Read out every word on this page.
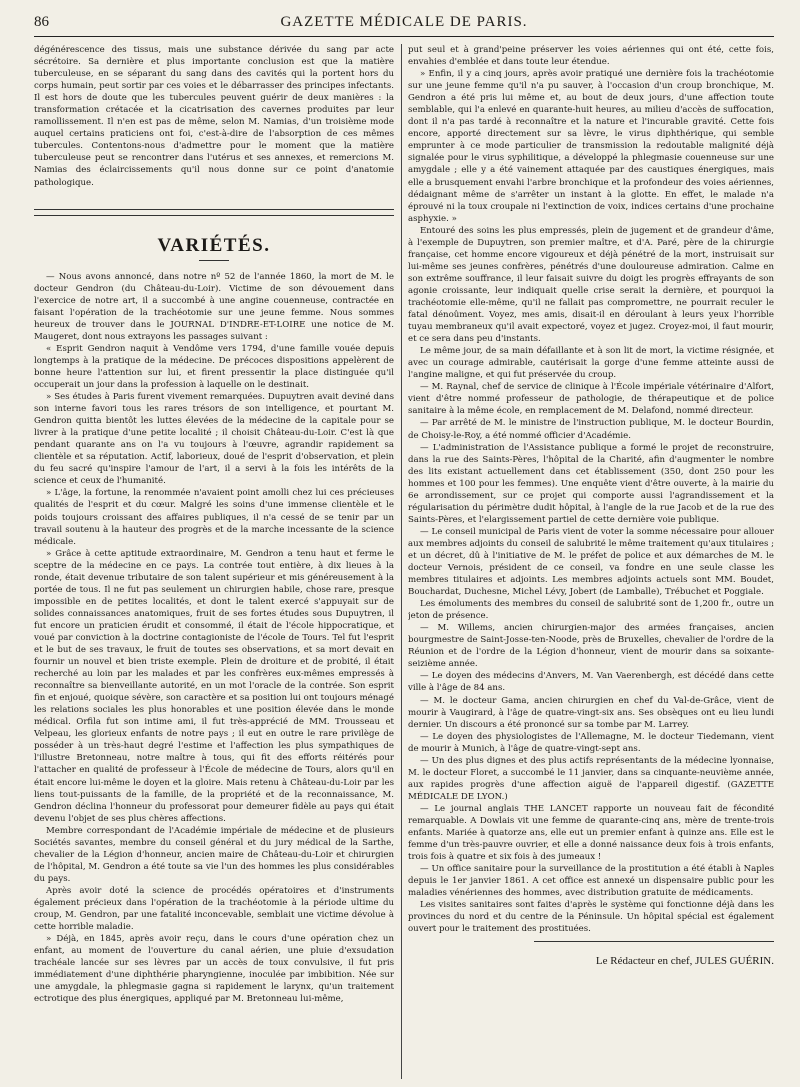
86	GAZETTE MÉDICALE DE PARIS.

dégénérescence des tissus, mais une substance dérivée du sang par acte sécrétoire. Sa dernière et plus importante conclusion est que la matière tuberculeuse, en se séparant du sang dans des cavités qui la portent hors du corps humain, peut sortir par ces voies et le débarrasser des principes infectants. Il est hors de doute que les tubercules peuvent guérir de deux manières : la transformation crétacée et la cicatrisation des cavernes produites par leur ramollissement. Il n'en est pas de même, selon M. Namias, d'un troisième mode auquel certains praticiens ont foi, c'est-à-dire de l'absorption de ces mêmes tubercules. Contentons-nous d'admettre pour le moment que la matière tuberculeuse peut se rencontrer dans l'utérus et ses annexes, et remercions M. Namias des éclaircissements qu'il nous donne sur ce point d'anatomie pathologique.

VARIÉTÉS.

— Nous avons annoncé, dans notre nº 52 de l'année 1860, la mort de M. le docteur Gendron (du Château-du-Loir). Victime de son dévouement dans l'exercice de notre art, il a succombé à une angine couenneuse, contractée en faisant l'opération de la trachéotomie sur une jeune femme. Nous sommes heureux de trouver dans le JOURNAL D'INDRE-ET-LOIRE une notice de M. Maugeret, dont nous extrayons les passages suivant :

« Esprit Gendron naquit à Vendôme vers 1794, d'une famille vouée depuis longtemps à la pratique de la médecine. De précoces dispositions appelèrent de bonne heure l'attention sur lui, et firent pressentir la place distinguée qu'il occuperait un jour dans la profession à laquelle on le destinait.

» Ses études à Paris furent vivement remarquées. Dupuytren avait deviné dans son interne favori tous les rares trésors de son intelligence, et pourtant M. Gendron quitta bientôt les luttes élevées de la médecine de la capitale pour se livrer à la pratique d'une petite localité ; il choisit Château-du-Loir. C'est là que pendant quarante ans on l'a vu toujours à l'œuvre, agrandir rapidement sa clientèle et sa réputation. Actif, laborieux, doué de l'esprit d'observation, et plein du feu sacré qu'inspire l'amour de l'art, il a servi à la fois les intérêts de la science et ceux de l'humanité.

» L'âge, la fortune, la renommée n'avaient point amolli chez lui ces précieuses qualités de l'esprit et du cœur. Malgré les soins d'une immense clientèle et le poids toujours croissant des affaires publiques, il n'a cessé de se tenir par un travail soutenu à la hauteur des progrès et de la marche incessante de la science médicale.

» Grâce à cette aptitude extraordinaire, M. Gendron a tenu haut et ferme le sceptre de la médecine en ce pays. La contrée tout entière, à dix lieues à la ronde, était devenue tributaire de son talent supérieur et mis généreusement à la portée de tous. Il ne fut pas seulement un chirurgien habile, chose rare, presque impossible en de petites localités, et dont le talent exercé s'appuyait sur de solides connaissances anatomiques, fruit de ses fortes études sous Dupuytren, il fut encore un praticien érudit et consommé, il était de l'école hippocratique, et voué par conviction à la doctrine contagioniste de l'école de Tours. Tel fut l'esprit et le but de ses travaux, le fruit de toutes ses observations, et sa mort devait en fournir un nouvel et bien triste exemple. Plein de droiture et de probité, il était recherché au loin par les malades et par les confrères eux-mêmes empressés à reconnaître sa bienveillante autorité, en un mot l'oracle de la contrée. Son esprit fin et enjoué, quoique sévère, son caractère et sa position lui ont toujours ménagé les relations sociales les plus honorables et une position élevée dans le monde médical. Orfila fut son intime ami, il fut très-apprécié de MM. Trousseau et Velpeau, les glorieux enfants de notre pays ; il eut en outre le rare privilège de posséder à un très-haut degré l'estime et l'affection les plus sympathiques de l'illustre Bretonneau, notre maître à tous, qui fit des efforts réitérés pour l'attacher en qualité de professeur à l'École de médecine de Tours, alors qu'il en était encore lui-même le doyen et la gloire. Mais retenu à Château-du-Loir par les liens tout-puissants de la famille, de la propriété et de la reconnaissance, M. Gendron déclina l'honneur du professorat pour demeurer fidèle au pays qui était devenu l'objet de ses plus chères affections.

Membre correspondant de l'Académie impériale de médecine et de plusieurs Sociétés savantes, membre du conseil général et du jury médical de la Sarthe, chevalier de la Légion d'honneur, ancien maire de Château-du-Loir et chirurgien de l'hôpital, M. Gendron a été toute sa vie l'un des hommes les plus considérables du pays.

Après avoir doté la science de procédés opératoires et d'instruments également précieux dans l'opération de la trachéotomie à la période ultime du croup, M. Gendron, par une fatalité inconcevable, semblait une victime dévolue à cette horrible maladie.

» Déjà, en 1845, après avoir reçu, dans le cours d'une opération chez un enfant, au moment de l'ouverture du canal aérien, une pluie d'exsudation trachéale lancée sur ses lèvres par un accès de toux convulsive, il fut pris immédiatement d'une diphthérie pharyngienne, inoculée par imbibition. Née sur une amygdale, la phlegmasie gagna si rapidement le larynx, qu'un traitement ectrotique des plus énergiques, appliqué par M. Bretonneau lui-même,

put seul et à grand'peine préserver les voies aériennes qui ont été, cette fois, envahies d'emblée et dans toute leur étendue.

» Enfin, il y a cinq jours, après avoir pratiqué une dernière fois la trachéotomie sur une jeune femme qu'il n'a pu sauver, à l'occasion d'un croup bronchique, M. Gendron a été pris lui même et, au bout de deux jours, d'une affection toute semblable, qui l'a enlevé en quarante-huit heures, au milieu d'accès de suffocation, dont il n'a pas tardé à reconnaître et la nature et l'incurable gravité. Cette fois encore, apporté directement sur sa lèvre, le virus diphthérique, qui semble emprunter à ce mode particulier de transmission la redoutable malignité déjà signalée pour le virus syphilitique, a développé la phlegmasie couenneuse sur une amygdale ; elle y a été vainement attaquée par des caustiques énergiques, mais elle a brusquement envahi l'arbre bronchique et la profondeur des voies aériennes, dédaignant même de s'arrêter un instant à la glotte. En effet, le malade n'a éprouvé ni la toux croupale ni l'extinction de voix, indices certains d'une prochaine asphyxie. »

Entouré des soins les plus empressés, plein de jugement et de grandeur d'âme, à l'exemple de Dupuytren, son premier maître, et d'A. Paré, père de la chirurgie française, cet homme encore vigoureux et déjà pénétré de la mort, instruisait sur lui-même ses jeunes confrères, pénétrés d'une douloureuse admiration. Calme en son extrême souffrance, il leur faisait suivre du doigt les progrès effrayants de son agonie croissante, leur indiquait quelle crise serait la dernière, et pourquoi la trachéotomie elle-même, qu'il ne fallait pas compromettre, ne pourrait reculer le fatal dénoûment. Voyez, mes amis, disait-il en déroulant à leurs yeux l'horrible tuyau membraneux qu'il avait expectoré, voyez et jugez. Croyez-moi, il faut mourir, et ce sera dans peu d'instants.

Le même jour, de sa main défaillante et à son lit de mort, la victime résignée, et avec un courage admirable, cautérisait la gorge d'une femme atteinte aussi de l'angine maligne, et qui fut préservée du croup.

— M. Raynal, chef de service de clinique à l'École impériale vétérinaire d'Alfort, vient d'être nommé professeur de pathologie, de thérapeutique et de police sanitaire à la même école, en remplacement de M. Delafond, nommé directeur.

— Par arrêté de M. le ministre de l'instruction publique, M. le docteur Bourdin, de Choisy-le-Roy, a été nommé officier d'Académie.

— L'administration de l'Assistance publique a formé le projet de reconstruire, dans la rue des Saints-Pères, l'hôpital de la Charité, afin d'augmenter le nombre des lits existant actuellement dans cet établissement (350, dont 250 pour les hommes et 100 pour les femmes). Une enquête vient d'être ouverte, à la mairie du 6e arrondissement, sur ce projet qui comporte aussi l'agrandissement et la régularisation du périmètre dudit hôpital, à l'angle de la rue Jacob et de la rue des Saints-Pères, et l'elargissement partiel de cette dernière voie publique.

— Le conseil municipal de Paris vient de voter la somme nécessaire pour allouer aux membres adjoints du conseil de salubrité le même traitement qu'aux titulaires ; et un décret, dû à l'initiative de M. le préfet de police et aux démarches de M. le docteur Vernois, président de ce conseil, va fondre en une seule classe les membres titulaires et adjoints. Les membres adjoints actuels sont MM. Boudet, Bouchardat, Duchesne, Michel Lévy, Jobert (de Lamballe), Trébuchet et Poggiale.

Les émoluments des membres du conseil de salubrité sont de 1,200 fr., outre un jeton de présence.

— M. Willems, ancien chirurgien-major des armées françaises, ancien bourgmestre de Saint-Josse-ten-Noode, près de Bruxelles, chevalier de l'ordre de la Réunion et de l'ordre de la Légion d'honneur, vient de mourir dans sa soixante-seizième année.

— Le doyen des médecins d'Anvers, M. Van Vaerenbergh, est décédé dans cette ville à l'âge de 84 ans.

— M. le docteur Gama, ancien chirurgien en chef du Val-de-Grâce, vient de mourir à Vaugirard, à l'âge de quatre-vingt-six ans. Ses obsèques ont eu lieu lundi dernier. Un discours a été prononcé sur sa tombe par M. Larrey.

— Le doyen des physiologistes de l'Allemagne, M. le docteur Tiedemann, vient de mourir à Munich, à l'âge de quatre-vingt-sept ans.

— Un des plus dignes et des plus actifs représentants de la médecine lyonnaise, M. le docteur Floret, a succombé le 11 janvier, dans sa cinquante-neuvième année, aux rapides progrès d'une affection aiguë de l'appareil digestif. (GAZETTE MÉDICALE DE LYON.)

— Le journal anglais THE LANCET rapporte un nouveau fait de fécondité remarquable. A Dowlais vit une femme de quarante-cinq ans, mère de trente-trois enfants. Mariée à quatorze ans, elle eut un premier enfant à quinze ans. Elle est le femme d'un très-pauvre ouvrier, et elle a donné naissance deux fois à trois enfants, trois fois à quatre et six fois à des jumeaux !

— Un office sanitaire pour la surveillance de la prostitution a été établi à Naples depuis le 1er janvier 1861. A cet office est annexé un dispensaire public pour les maladies vénériennes des hommes, avec distribution gratuite de médicaments.

Les visites sanitaires sont faites d'après le système qui fonctionne déjà dans les provinces du nord et du centre de la Péninsule. Un hôpital spécial est également ouvert pour le traitement des prostituées.

Le Rédacteur en chef, JULES GUÉRIN.
